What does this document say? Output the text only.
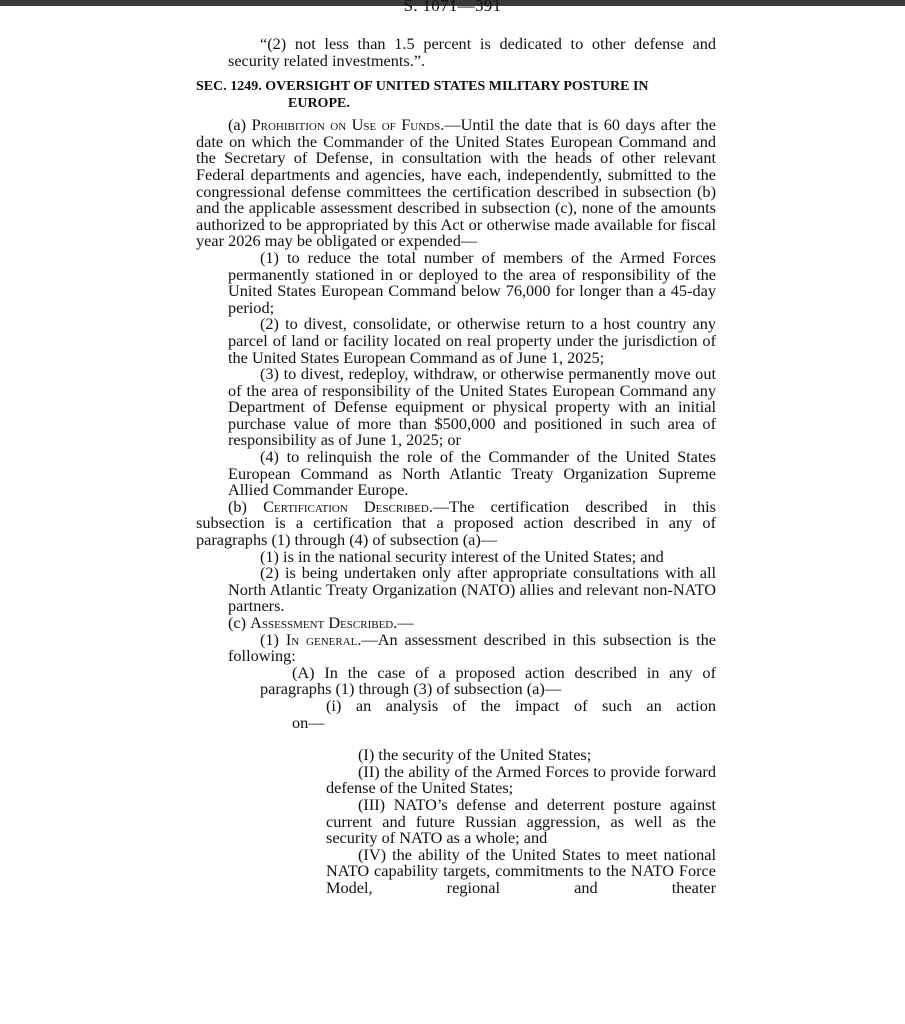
S. 1071—391

“(2) not less than 1.5 percent is dedicated to other defense and security related investments.”.

SEC. 1249. OVERSIGHT OF UNITED STATES MILITARY POSTURE IN
EUROPE.

(a) Prohibition on Use of Funds.—Until the date that is 60 days after the date on which the Commander of the United States European Command and the Secretary of Defense, in consultation with the heads of other relevant Federal departments and agencies, have each, independently, submitted to the congressional defense committees the certification described in subsection (b) and the applicable assessment described in subsection (c), none of the amounts authorized to be appropriated by this Act or otherwise made available for fiscal year 2026 may be obligated or expended—

(1) to reduce the total number of members of the Armed Forces permanently stationed in or deployed to the area of responsibility of the United States European Command below 76,000 for longer than a 45-day period;

(2) to divest, consolidate, or otherwise return to a host country any parcel of land or facility located on real property under the jurisdiction of the United States European Command as of June 1, 2025;

(3) to divest, redeploy, withdraw, or otherwise permanently move out of the area of responsibility of the United States European Command any Department of Defense equipment or physical property with an initial purchase value of more than $500,000 and positioned in such area of responsibility as of June 1, 2025; or

(4) to relinquish the role of the Commander of the United States European Command as North Atlantic Treaty Organization Supreme Allied Commander Europe.

(b) Certification Described.—The certification described in this subsection is a certification that a proposed action described in any of paragraphs (1) through (4) of subsection (a)—

(1) is in the national security interest of the United States; and

(2) is being undertaken only after appropriate consultations with all North Atlantic Treaty Organization (NATO) allies and relevant non-NATO partners.

(c) Assessment Described.—

(1) In general.—An assessment described in this subsection is the following:

(A) In the case of a proposed action described in any of paragraphs (1) through (3) of subsection (a)—

(i) an analysis of the impact of such an action

on—

(I) the security of the United States;

(II) the ability of the Armed Forces to provide forward defense of the United States;

(III) NATO’s defense and deterrent posture against current and future Russian aggression, as well as the security of NATO as a whole; and

(IV) the ability of the United States to meet national NATO capability targets, commitments to the NATO Force Model, regional and theater
